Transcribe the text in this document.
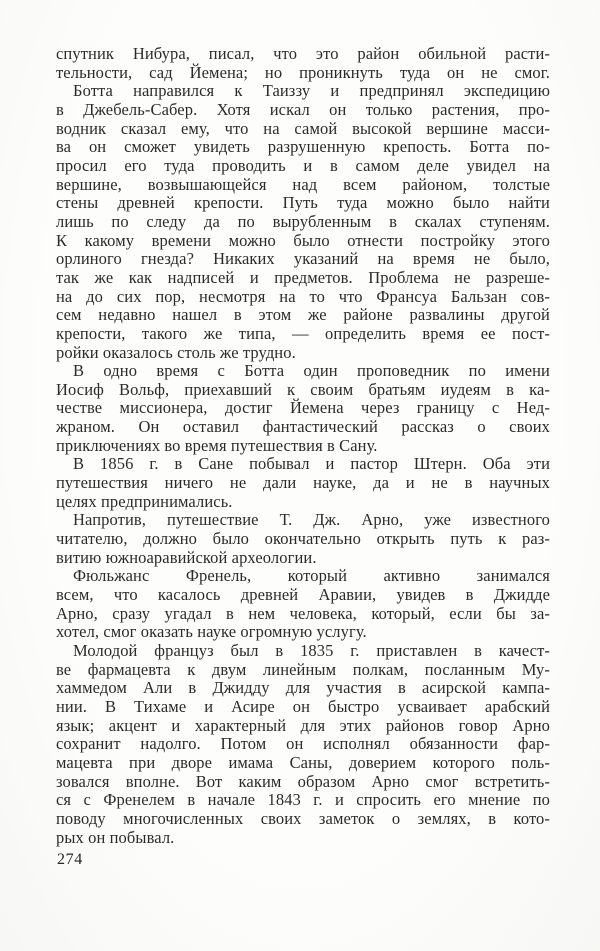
спутник Нибура, писал, что это район обильной расти-
тельности, сад Йемена; но проникнуть туда он не смог.
Ботта направился к Таиззу и предпринял экспедицию
в Джебель-Сабер. Хотя искал он только растения, про-
водник сказал ему, что на самой высокой вершине масси-
ва он сможет увидеть разрушенную крепость. Ботта по-
просил его туда проводить и в самом деле увидел на
вершине, возвышающейся над всем районом, толстые
стены древней крепости. Путь туда можно было найти
лишь по следу да по вырубленным в скалах ступеням.
К какому времени можно было отнести постройку этого
орлиного гнезда? Никаких указаний на время не было,
так же как надписей и предметов. Проблема не разреше-
на до сих пор, несмотря на то что Франсуа Бальзан сов-
сем недавно нашел в этом же районе развалины другой
крепости, такого же типа, — определить время ее пост-
ройки оказалось столь же трудно.
В одно время с Ботта один проповедник по имени
Иосиф Вольф, приехавший к своим братьям иудеям в ка-
честве миссионера, достиг Йемена через границу с Нед-
жраном. Он оставил фантастический рассказ о своих
приключениях во время путешествия в Сану.
В 1856 г. в Сане побывал и пастор Штерн. Оба эти
путешествия ничего не дали науке, да и не в научных
целях предпринимались.
Напротив, путешествие Т. Дж. Арно, уже известного
читателю, должно было окончательно открыть путь к раз-
витию южноаравийской археологии.
Фюльжанс Френель, который активно занимался
всем, что касалось древней Аравии, увидев в Джидде
Арно, сразу угадал в нем человека, который, если бы за-
хотел, смог оказать науке огромную услугу.
Молодой француз был в 1835 г. приставлен в качест-
ве фармацевта к двум линейным полкам, посланным Му-
хаммедом Али в Джидду для участия в асирской кампа-
нии. В Тихаме и Асире он быстро усваивает арабский
язык; акцент и характерный для этих районов говор Арно
сохранит надолго. Потом он исполнял обязанности фар-
мацевта при дворе имама Саны, доверием которого поль-
зовался вполне. Вот каким образом Арно смог встретить-
ся с Френелем в начале 1843 г. и спросить его мнение по
поводу многочисленных своих заметок о землях, в кото-
рых он побывал.
274
